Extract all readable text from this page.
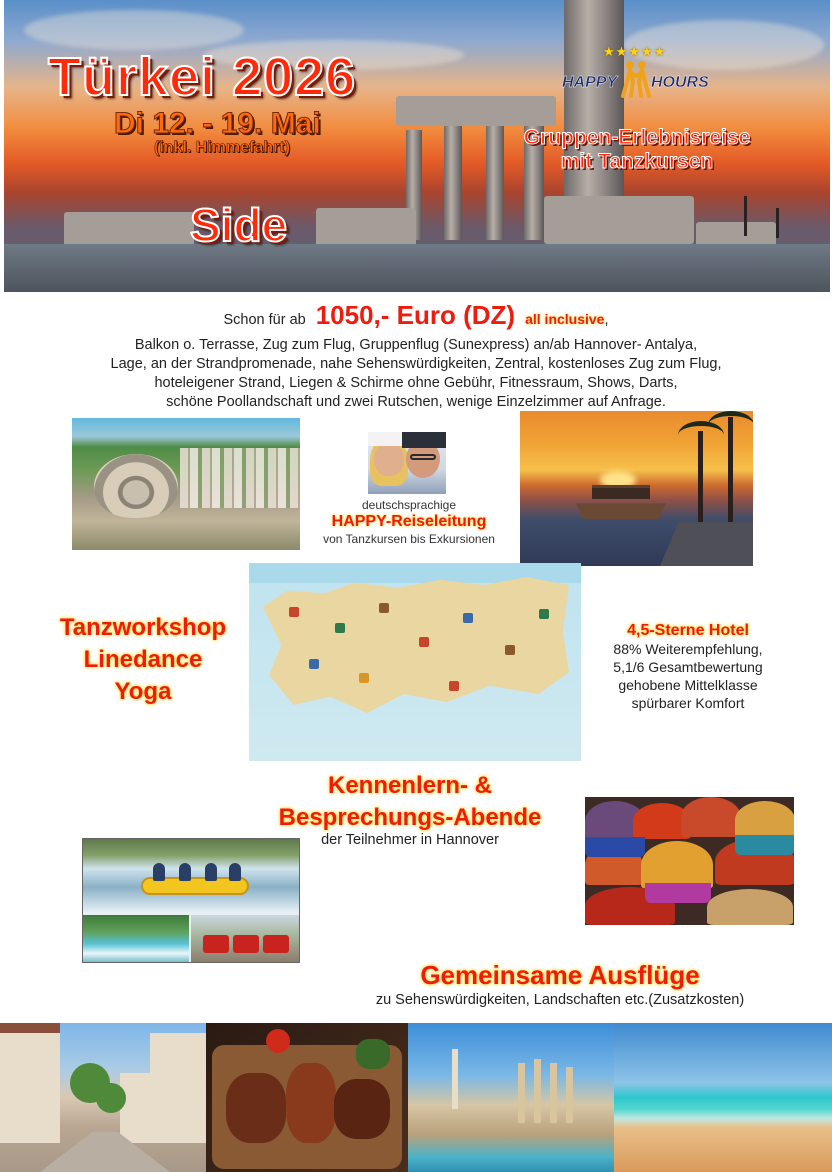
Türkei 2026
Di 12. - 19. Mai
(inkl. Himmefahrt)
Side
Gruppen-Erlebnisreise
mit Tanzkursen
★★★★★
HAPPY HOURS
Schon für ab 1050,- Euro (DZ) all inclusive,
Balkon o. Terrasse, Zug zum Flug, Gruppenflug (Sunexpress) an/ab Hannover- Antalya,
Lage, an der Strandpromenade, nahe Sehenswürdigkeiten, Zentral, kostenloses Zug zum Flug,
hoteleigener Strand, Liegen & Schirme ohne Gebühr, Fitnessraum, Shows, Darts,
schöne Poollandschaft und zwei Rutschen, wenige Einzelzimmer auf Anfrage.
deutschsprachige
HAPPY-Reiseleitung
von Tanzkursen bis Exkursionen
Tanzworkshop
Linedance
Yoga
4,5-Sterne Hotel
88% Weiterempfehlung,
5,1/6 Gesamtbewertung
gehobene Mittelklasse
spürbarer Komfort
Kennenlern- &
Besprechungs-Abende
der Teilnehmer in Hannover
Gemeinsame Ausflüge
zu Sehenswürdigkeiten, Landschaften etc.(Zusatzkosten)
